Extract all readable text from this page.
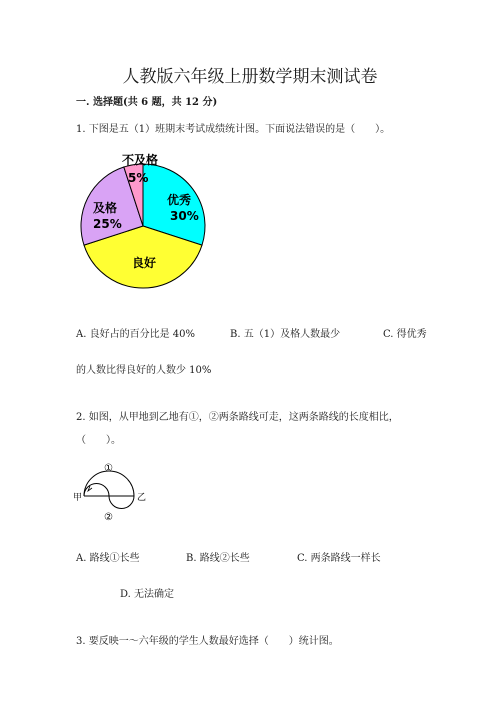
人教版六年级上册数学期末测试卷
一. 选择题(共 6 题，共 12 分)
1. 下图是五（1）班期末考试成绩统计图。下面说法错误的是（　　）。
优秀
30%
良好
及格
25%
不及格
5%
A. 良好占的百分比是 40%	B. 五（1）及格人数最少	C. 得优秀
的人数比得良好的人数少 10%
2. 如图，从甲地到乙地有①，②两条路线可走，这两条路线的长度相比，
（　　）。
①
②
甲	乙
A. 路线①长些	B. 路线②长些	C. 两条路线一样长
D. 无法确定
3. 要反映一～六年级的学生人数最好选择（　　）统计图。
